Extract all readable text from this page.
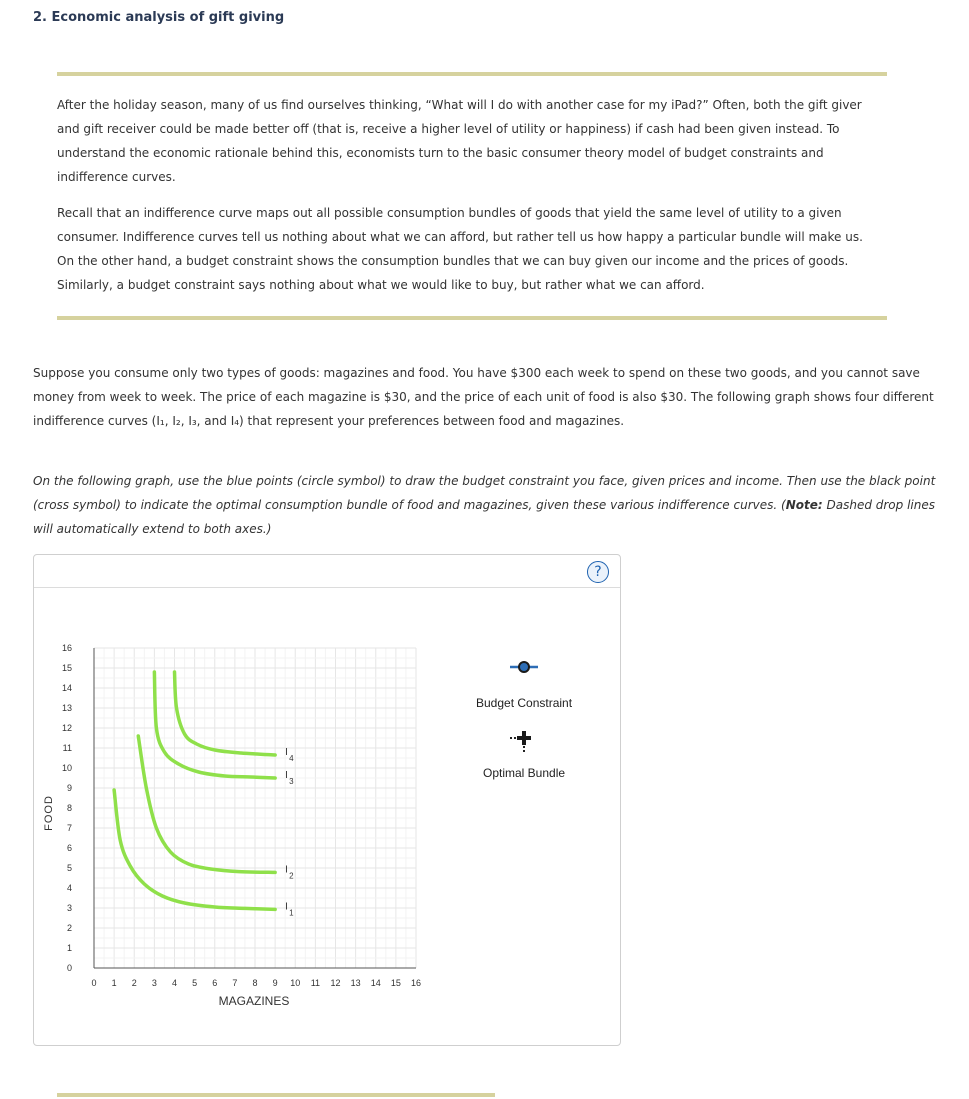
2. Economic analysis of gift giving
After the holiday season, many of us find ourselves thinking, “What will I do with another case for my iPad?” Often, both the gift giver
and gift receiver could be made better off (that is, receive a higher level of utility or happiness) if cash had been given instead. To
understand the economic rationale behind this, economists turn to the basic consumer theory model of budget constraints and
indifference curves.
Recall that an indifference curve maps out all possible consumption bundles of goods that yield the same level of utility to a given
consumer. Indifference curves tell us nothing about what we can afford, but rather tell us how happy a particular bundle will make us.
On the other hand, a budget constraint shows the consumption bundles that we can buy given our income and the prices of goods.
Similarly, a budget constraint says nothing about what we would like to buy, but rather what we can afford.
Suppose you consume only two types of goods: magazines and food. You have $300 each week to spend on these two goods, and you cannot save
money from week to week. The price of each magazine is $30, and the price of each unit of food is also $30. The following graph shows four different
indifference curves (I₁, I₂, I₃, and I₄) that represent your preferences between food and magazines.
On the following graph, use the blue points (circle symbol) to draw the budget constraint you face, given prices and income. Then use the black point
(cross symbol) to indicate the optimal consumption bundle of food and magazines, given these various indifference curves. (Note: Dashed drop lines
will automatically extend to both axes.)
?
I
1
I
2
I
3
I
4
0 1 2 3 4 5 6 7 8 9 10 11 12 13 14 15 16
0
1
2
3
4
5
6
7
8
9
10
11
12
13
14
15
16
MAGAZINES
FOOD
Budget Constraint
Optimal Bundle
